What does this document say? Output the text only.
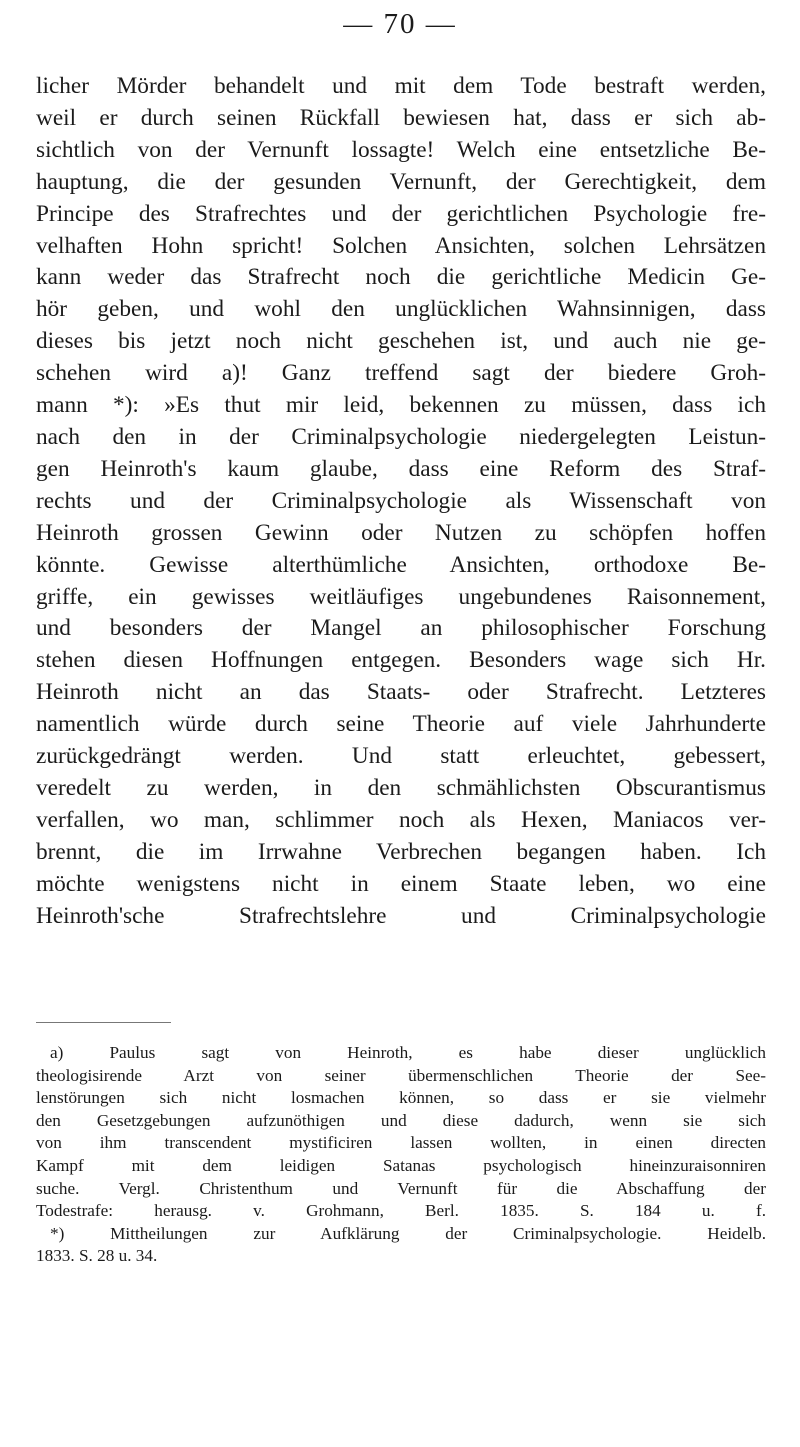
— 70 —
licher Mörder behandelt und mit dem Tode bestraft werden,
weil er durch seinen Rückfall bewiesen hat, dass er sich ab-
sichtlich von der Vernunft lossagte! Welch eine entsetzliche Be-
hauptung, die der gesunden Vernunft, der Gerechtigkeit, dem
Principe des Strafrechtes und der gerichtlichen Psychologie fre-
velhaften Hohn spricht! Solchen Ansichten, solchen Lehrsätzen
kann weder das Strafrecht noch die gerichtliche Medicin Ge-
hör geben, und wohl den unglücklichen Wahnsinnigen, dass
dieses bis jetzt noch nicht geschehen ist, und auch nie ge-
schehen wird a)! Ganz treffend sagt der biedere Groh-
mann *): »Es thut mir leid, bekennen zu müssen, dass ich
nach den in der Criminalpsychologie niedergelegten Leistun-
gen Heinroth's kaum glaube, dass eine Reform des Straf-
rechts und der Criminalpsychologie als Wissenschaft von
Heinroth grossen Gewinn oder Nutzen zu schöpfen hoffen
könnte. Gewisse alterthümliche Ansichten, orthodoxe Be-
griffe, ein gewisses weitläufiges ungebundenes Raisonnement,
und besonders der Mangel an philosophischer Forschung
stehen diesen Hoffnungen entgegen. Besonders wage sich Hr.
Heinroth nicht an das Staats- oder Strafrecht. Letzteres
namentlich würde durch seine Theorie auf viele Jahrhunderte
zurückgedrängt werden. Und statt erleuchtet, gebessert,
veredelt zu werden, in den schmählichsten Obscurantismus
verfallen, wo man, schlimmer noch als Hexen, Maniacos ver-
brennt, die im Irrwahne Verbrechen begangen haben. Ich
möchte wenigstens nicht in einem Staate leben, wo eine
Heinroth'sche Strafrechtslehre und Criminalpsychologie
a) Paulus sagt von Heinroth, es habe dieser unglücklich
theologisirende Arzt von seiner übermenschlichen Theorie der See-
lenstörungen sich nicht losmachen können, so dass er sie vielmehr
den Gesetzgebungen aufzunöthigen und diese dadurch, wenn sie sich
von ihm transcendent mystificiren lassen wollten, in einen directen
Kampf mit dem leidigen Satanas psychologisch hineinzuraisonniren
suche. Vergl. Christenthum und Vernunft für die Abschaffung der
Todestrafe: herausg. v. Grohmann, Berl. 1835. S. 184 u. f.
*) Mittheilungen zur Aufklärung der Criminalpsychologie. Heidelb.
1833. S. 28 u. 34.
